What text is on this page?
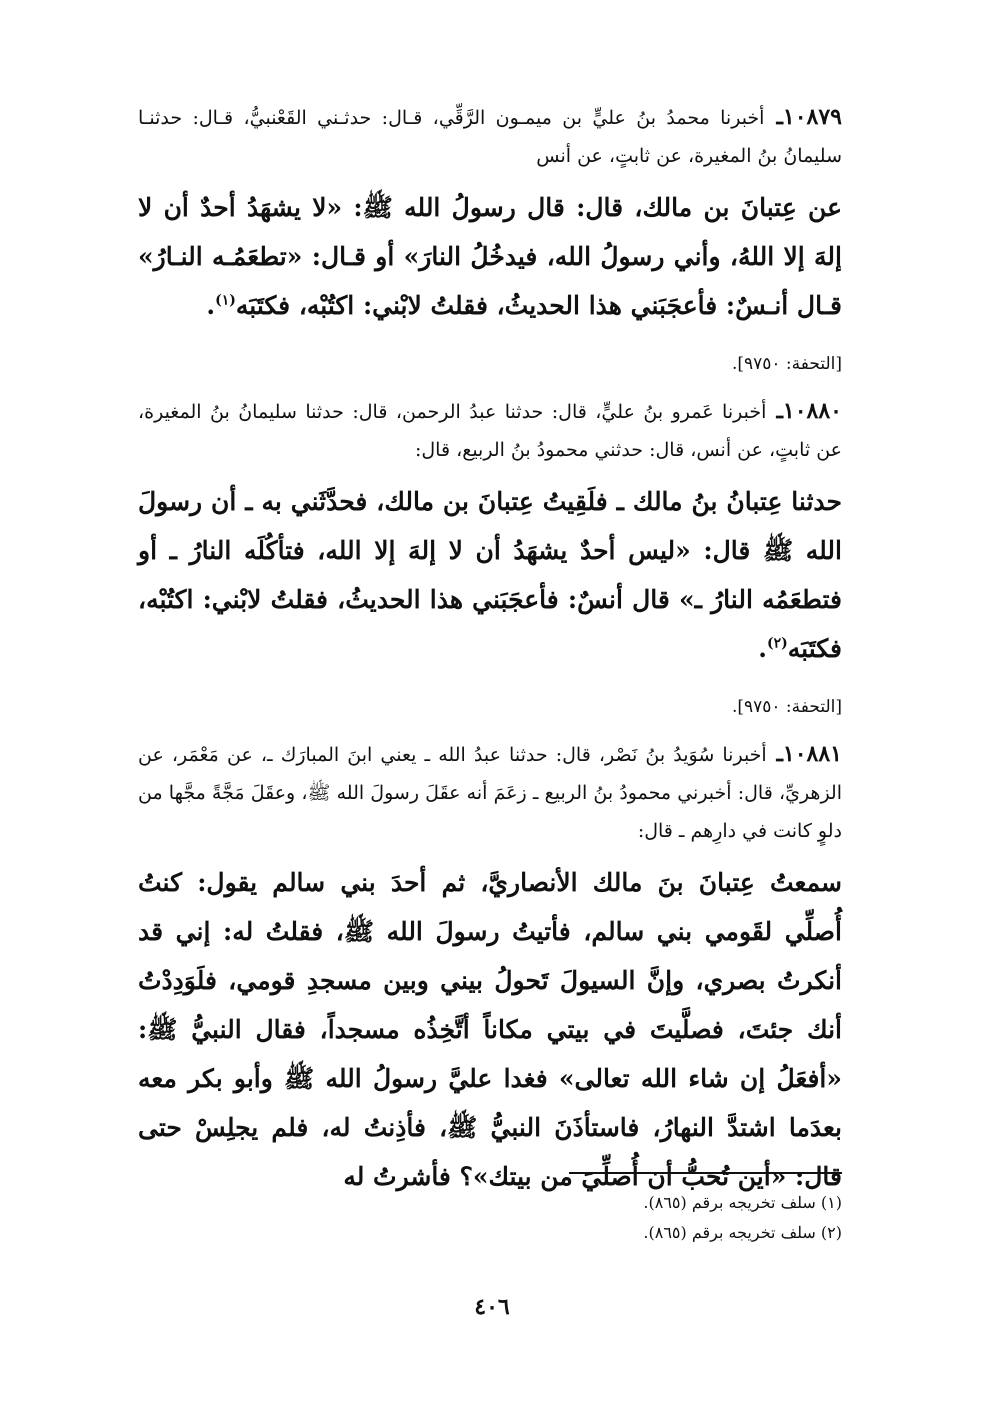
١٠٨٧٩ـ أخبرنا محمدُ بنُ عليٍّ بن ميمـون الرَّقِّي، قـال: حدثـني القَعْنبيُّ، قـال: حدثنـا سليمانُ بنُ المغيرة، عن ثابتٍ، عن أنس

عن عِتبانَ بن مالك، قال: قال رسولُ الله ﷺ: «لا يشهَدُ أحدٌ أن لا إلهَ إلا اللهُ، وأني رسولُ الله، فيدخُلُ النارَ» أو قـال: «تطعَمُـه النـارُ» قـال أنـسٌ: فأعجَبَني هذا الحديثُ، فقلتُ لابْني: اكتُبْه، فكتَبَه$^{(١)}$.

[التحفة: ٩٧٥٠].

١٠٨٨٠ـ أخبرنا عَمرو بنُ عليٍّ، قال: حدثنا عبدُ الرحمن، قال: حدثنا سليمانُ بنُ المغيرة، عن ثابتٍ، عن أنس، قال: حدثني محمودُ بنُ الربيع، قال:

حدثنا عِتبانُ بنُ مالك ـ فلَقِيتُ عِتبانَ بن مالك، فحدَّثَني به ـ أن رسولَ الله ﷺ قال: «ليس أحدٌ يشهَدُ أن لا إلهَ إلا الله، فتأكُلَه النارُ ـ أو فتطعَمُه النارُ ـ» قال أنسٌ: فأعجَبَني هذا الحديثُ، فقلتُ لابْني: اكتُبْه، فكتَبَه$^{(٢)}$.

[التحفة: ٩٧٥٠].

١٠٨٨١ـ أخبرنا سُوَيدُ بنُ نَصْر، قال: حدثنا عبدُ الله ـ يعني ابنَ المبارَك ـ، عن مَعْمَر، عن الزهريِّ، قال: أخبرني محمودُ بنُ الربيع ـ زعَمَ أنه عقَلَ رسولَ الله ﷺ، وعقَلَ مَجَّةً مجَّها من دلوٍ كانت في دارِهم ـ قال:

سمعتُ عِتبانَ بنَ مالك الأنصاريَّ، ثم أحدَ بني سالم يقول: كنتُ أُصلِّي لقَومي بني سالم، فأتيتُ رسولَ الله ﷺ، فقلتُ له: إني قد أنكرتُ بصري، وإنَّ السيولَ تَحولُ بيني وبين مسجدِ قومي، فلَوَدِدْتُ أنك جئتَ، فصلَّيتَ في بيتي مكاناً أتَّخِذُه مسجداً، فقال النبيُّ ﷺ: «أفعَلُ إن شاء الله تعالى» فغدا عليَّ رسولُ الله ﷺ وأبو بكر معه بعدَما اشتدَّ النهارُ، فاستأذَنَ النبيُّ ﷺ، فأذِنتُ له، فلم يجلِسْ حتى قال: «أين تُحبُّ أن أُصلِّيَ من بيتك»؟ فأشرتُ له

(١) سلف تخريجه برقم (٨٦٥).

(٢) سلف تخريجه برقم (٨٦٥).

٤٠٦
